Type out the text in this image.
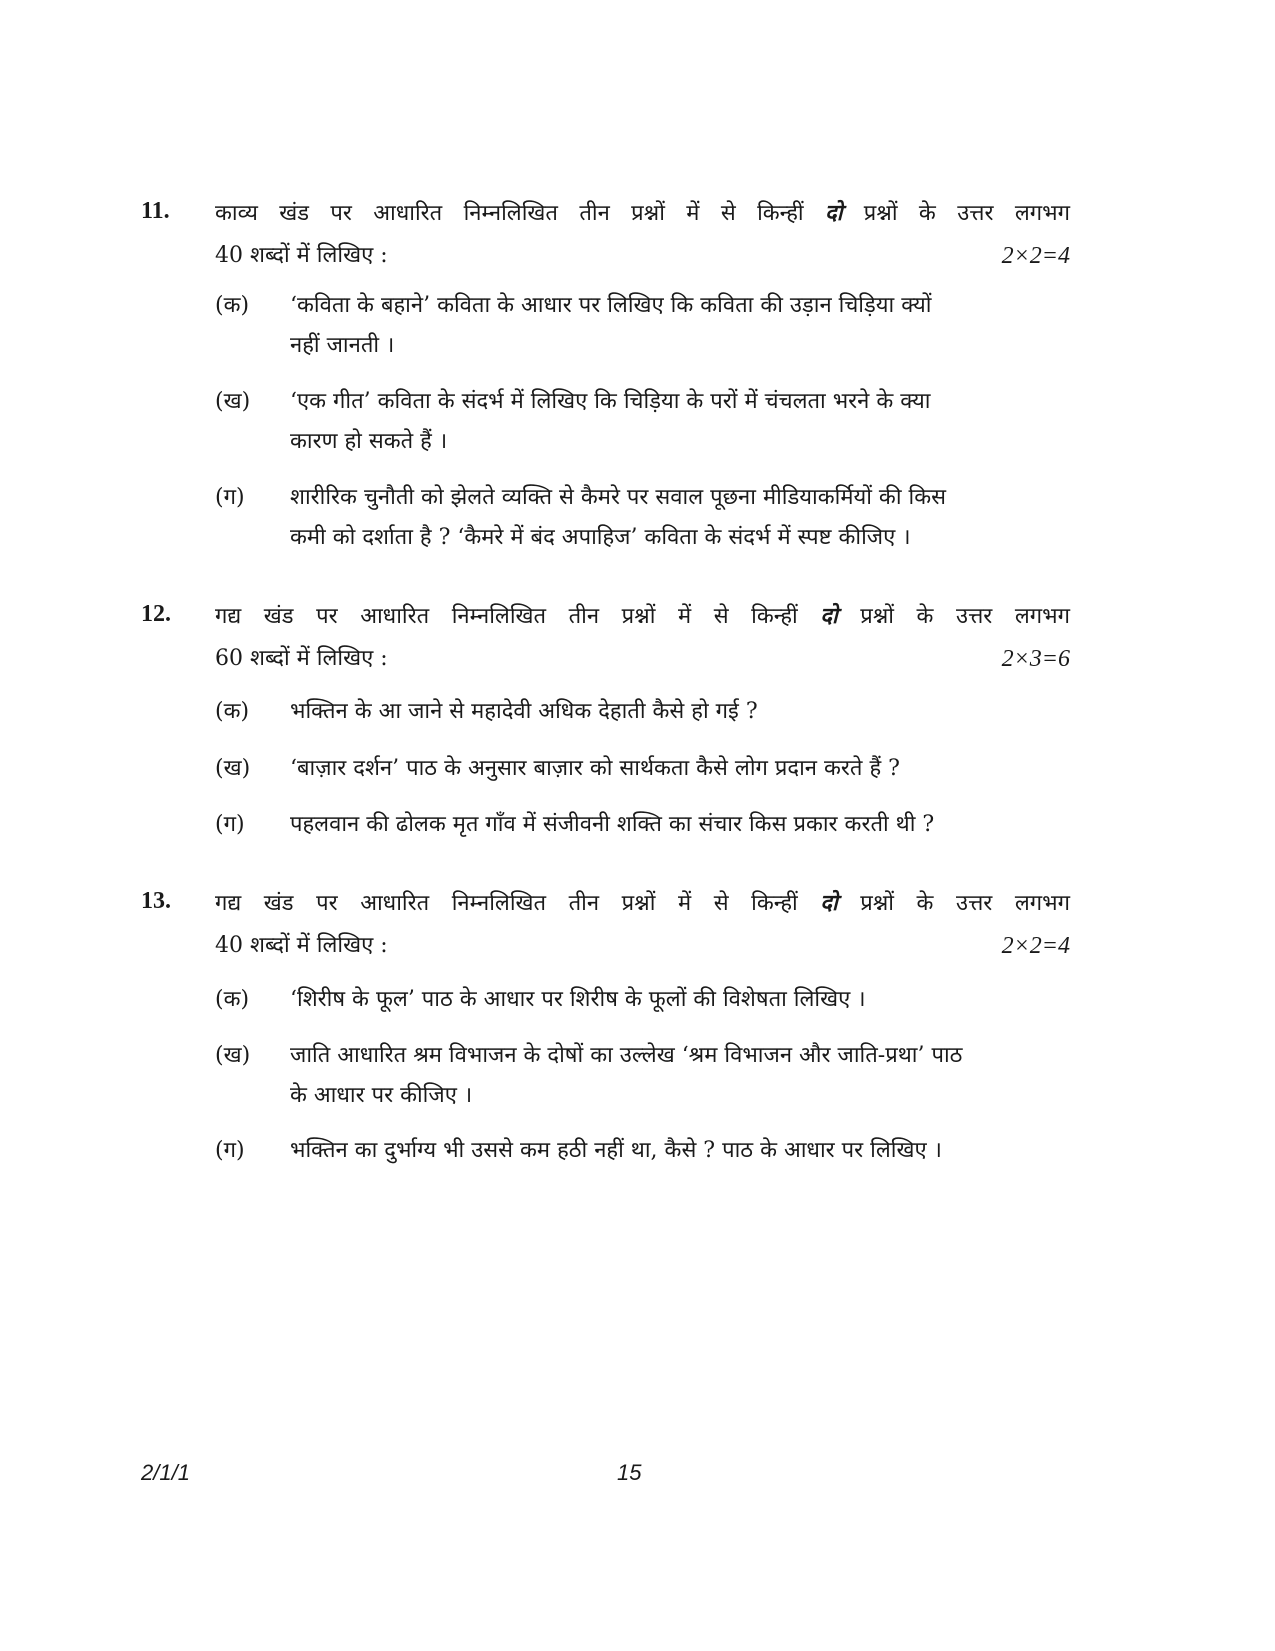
11. काव्य खंड पर आधारित निम्नलिखित तीन प्रश्नों में से किन्हीं दो प्रश्नों के उत्तर लगभग
40 शब्दों में लिखिए :	2×2=4
(क) ‘कविता के बहाने’ कविता के आधार पर लिखिए कि कविता की उड़ान चिड़िया क्यों
नहीं जानती ।
(ख) ‘एक गीत’ कविता के संदर्भ में लिखिए कि चिड़िया के परों में चंचलता भरने के क्या
कारण हो सकते हैं ।
(ग) शारीरिक चुनौती को झेलते व्यक्ति से कैमरे पर सवाल पूछना मीडियाकर्मियों की किस
कमी को दर्शाता है ? ‘कैमरे में बंद अपाहिज’ कविता के संदर्भ में स्पष्ट कीजिए ।
12. गद्य खंड पर आधारित निम्नलिखित तीन प्रश्नों में से किन्हीं दो प्रश्नों के उत्तर लगभग
60 शब्दों में लिखिए :	2×3=6
(क) भक्तिन के आ जाने से महादेवी अधिक देहाती कैसे हो गई ?
(ख) ‘बाज़ार दर्शन’ पाठ के अनुसार बाज़ार को सार्थकता कैसे लोग प्रदान करते हैं ?
(ग) पहलवान की ढोलक मृत गाँव में संजीवनी शक्ति का संचार किस प्रकार करती थी ?
13. गद्य खंड पर आधारित निम्नलिखित तीन प्रश्नों में से किन्हीं दो प्रश्नों के उत्तर लगभग
40 शब्दों में लिखिए :	2×2=4
(क) ‘शिरीष के फूल’ पाठ के आधार पर शिरीष के फूलों की विशेषता लिखिए ।
(ख) जाति आधारित श्रम विभाजन के दोषों का उल्लेख ‘श्रम विभाजन और जाति-प्रथा’ पाठ
के आधार पर कीजिए ।
(ग) भक्तिन का दुर्भाग्य भी उससे कम हठी नहीं था, कैसे ? पाठ के आधार पर लिखिए ।
2/1/1	15
